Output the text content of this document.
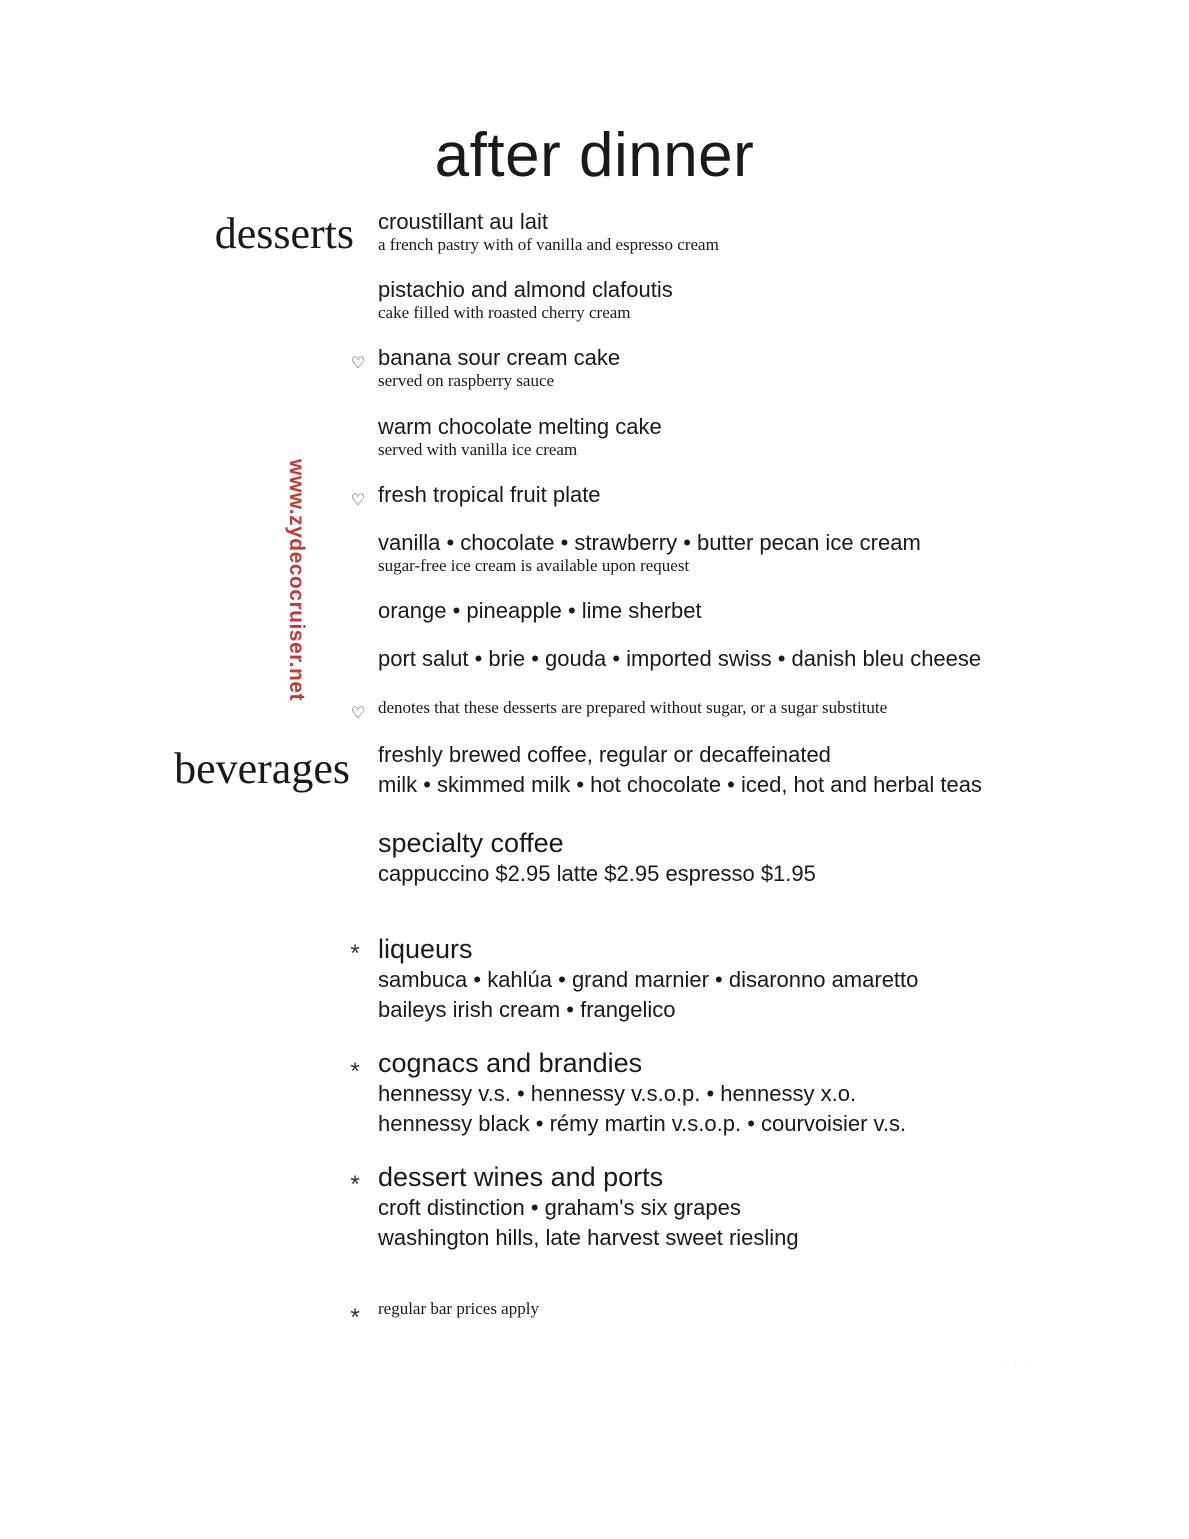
after dinner
www.zydecocruiser.net
desserts croustillant au lait
a french pastry with of vanilla and espresso cream
pistachio and almond clafoutis
cake filled with roasted cherry cream
♡ banana sour cream cake
served on raspberry sauce
warm chocolate melting cake
served with vanilla ice cream
♡ fresh tropical fruit plate
vanilla • chocolate • strawberry • butter pecan ice cream
sugar-free ice cream is available upon request
orange • pineapple • lime sherbet
port salut • brie • gouda • imported swiss • danish bleu cheese
♡ denotes that these desserts are prepared without sugar, or a sugar substitute
beverages freshly brewed coffee, regular or decaffeinated
milk • skimmed milk • hot chocolate • iced, hot and herbal teas
specialty coffee
cappuccino $2.95 latte $2.95 espresso $1.95
* liqueurs
sambuca • kahlúa • grand marnier • disaronno amaretto
baileys irish cream • frangelico
* cognacs and brandies
hennessy v.s. • hennessy v.s.o.p. • hennessy x.o.
hennessy black • rémy martin v.s.o.p. • courvoisier v.s.
* dessert wines and ports
croft distinction • graham's six grapes
washington hills, late harvest sweet riesling
*	regular bar prices apply
· · ·
